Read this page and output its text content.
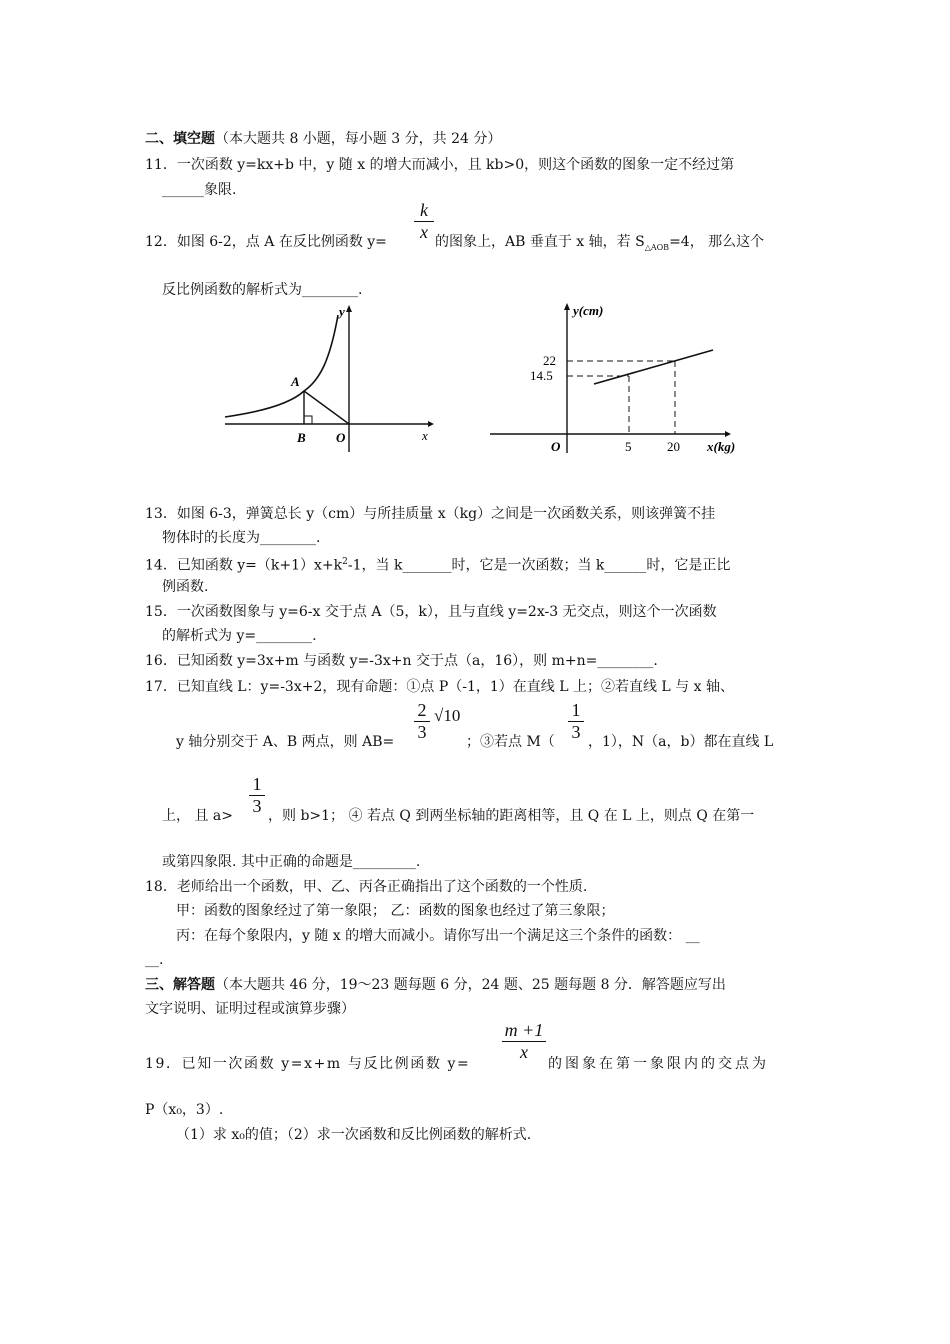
二、填空题（本大题共 8 小题，每小题 3 分，共 24 分）
11．一次函数 y=kx+b 中，y 随 x 的增大而减小，且 kb>0，则这个函数的图象一定不经过第
______象限.
$\frac{k}{x}$
12．如图 6-2，点 A 在反比例函数 y=	的图象上，AB 垂直于 x 轴，若 $S_{\triangle AOB}=4$， 那么这个
反比例函数的解析式为________.
y
x
A
B O
y(cm)
x(kg)
O
22
14.5
5	20
13．如图 6-3，弹簧总长 y（cm）与所挂质量 x（kg）之间是一次函数关系，则该弹簧不挂
物体时的长度为________.
14．已知函数 $y=(k+1)x+k^2-1$，当 k_______时，它是一次函数；当 k______时，它是正比
例函数.
15．一次函数图象与 y=6-x 交于点 A（5，k），且与直线 y=2x-3 无交点，则这个一次函数
的解析式为 y=________.
16．已知函数 y=3x+m 与函数 y=-3x+n 交于点（a，16），则 m+n=________.
17．已知直线 L：y=-3x+2，现有命题：①点 P（-1，1）在直线 L 上；②若直线 L 与 x 轴、
$\frac{2}{3} √10$	$\frac{1}{3}$
y 轴分别交于 A、B 两点，则 AB=	；③若点 M（ ，1），N（a，b）都在直线 L
$\frac{1}{3}$
上， 且 a>	，则 b>1； ④ 若点 Q 到两坐标轴的距离相等，且 Q 在 L 上，则点 Q 在第一
或第四象限. 其中正确的命题是_________.
18．老师给出一个函数，甲、乙、丙各正确指出了这个函数的一个性质.
甲：函数的图象经过了第一象限； 乙：函数的图象也经过了第三象限；
丙：在每个象限内，y 随 x 的增大而减小。请你写出一个满足这三个条件的函数： __
__.
三、解答题（本大题共 46 分，19～23 题每题 6 分，24 题、25 题每题 8 分．解答题应写出
文字说明、证明过程或演算步骤）
$\frac{m +1}{x}$
19．已知一次函数 y=x+m 与反比例函数 y=	的图象在第一象限内的交点为
P（x₀，3）.
（1）求 x₀的值；（2）求一次函数和反比例函数的解析式.
